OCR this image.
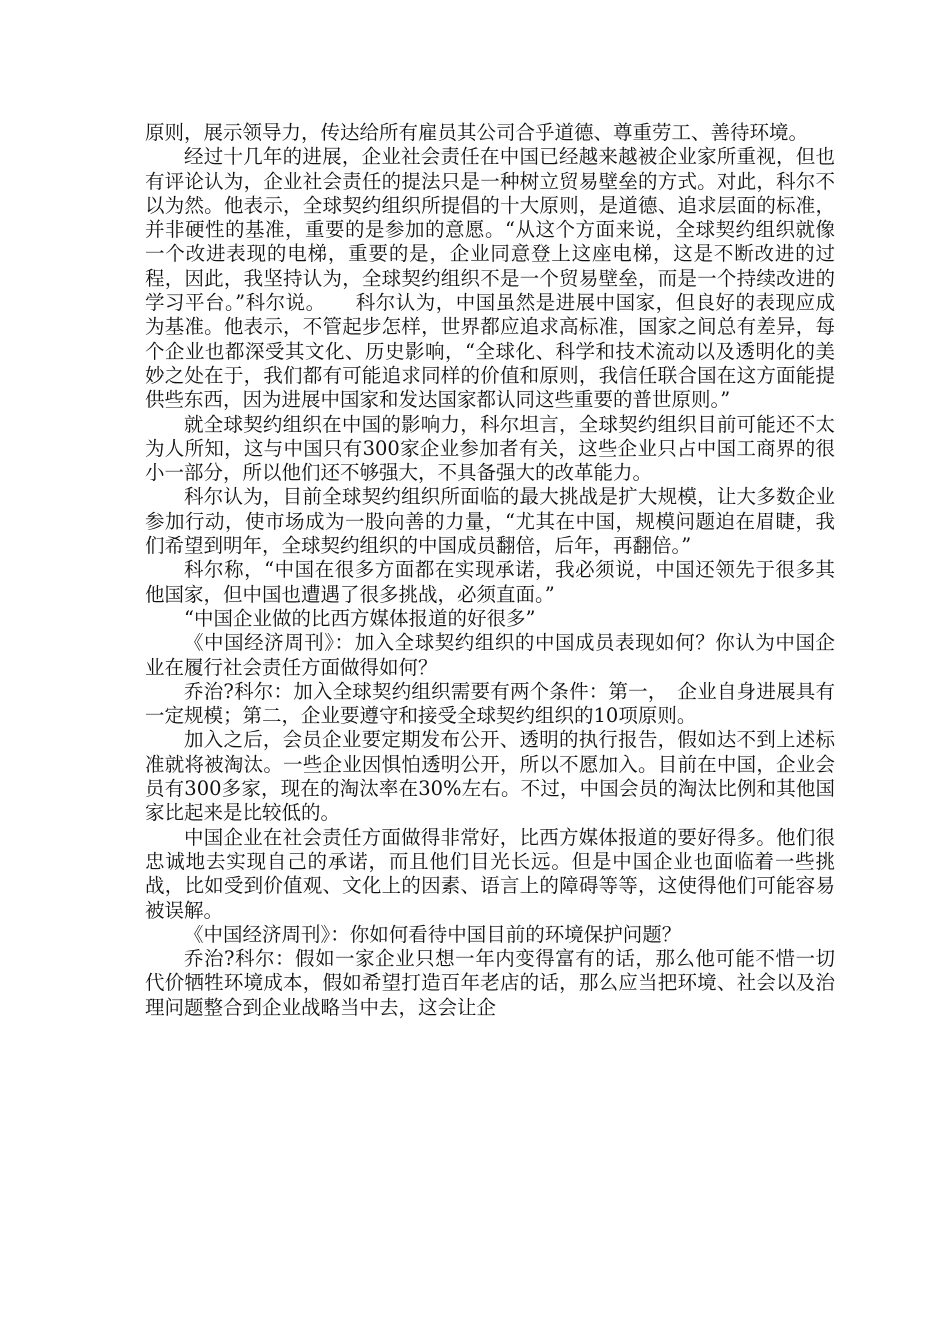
原则，展示领导力，传达给所有雇员其公司合乎道德、尊重劳工、善待环境。

经过十几年的进展，企业社会责任在中国已经越来越被企业家所重视，但也有评论认为，企业社会责任的提法只是一种树立贸易壁垒的方式。对此，科尔不以为然。他表示，全球契约组织所提倡的十大原则，是道德、追求层面的标准，并非硬性的基准，重要的是参加的意愿。“从这个方面来说，全球契约组织就像一个改进表现的电梯，重要的是，企业同意登上这座电梯，这是不断改进的过程，因此，我坚持认为，全球契约组织不是一个贸易壁垒，而是一个持续改进的学习平台。”科尔说。　　科尔认为，中国虽然是进展中国家，但良好的表现应成为基准。他表示，不管起步怎样，世界都应追求高标准，国家之间总有差异，每个企业也都深受其文化、历史影响，“全球化、科学和技术流动以及透明化的美妙之处在于，我们都有可能追求同样的价值和原则，我信任联合国在这方面能提供些东西，因为进展中国家和发达国家都认同这些重要的普世原则。”

就全球契约组织在中国的影响力，科尔坦言，全球契约组织目前可能还不太为人所知，这与中国只有300家企业参加者有关，这些企业只占中国工商界的很小一部分，所以他们还不够强大，不具备强大的改革能力。

科尔认为，目前全球契约组织所面临的最大挑战是扩大规模，让大多数企业参加行动，使市场成为一股向善的力量，“尤其在中国，规模问题迫在眉睫，我们希望到明年，全球契约组织的中国成员翻倍，后年，再翻倍。”

科尔称，“中国在很多方面都在实现承诺，我必须说，中国还领先于很多其他国家，但中国也遭遇了很多挑战，必须直面。”

“中国企业做的比西方媒体报道的好很多”

《中国经济周刊》：加入全球契约组织的中国成员表现如何？你认为中国企业在履行社会责任方面做得如何？

乔治?科尔：加入全球契约组织需要有两个条件：第一，　企业自身进展具有一定规模；第二，企业要遵守和接受全球契约组织的10项原则。

加入之后，会员企业要定期发布公开、透明的执行报告，假如达不到上述标准就将被淘汰。一些企业因惧怕透明公开，所以不愿加入。目前在中国，企业会员有300多家，现在的淘汰率在30%左右。不过，中国会员的淘汰比例和其他国家比起来是比较低的。

中国企业在社会责任方面做得非常好，比西方媒体报道的要好得多。他们很忠诚地去实现自己的承诺，而且他们目光长远。但是中国企业也面临着一些挑战，比如受到价值观、文化上的因素、语言上的障碍等等，这使得他们可能容易被误解。

《中国经济周刊》：你如何看待中国目前的环境保护问题？

乔治?科尔：假如一家企业只想一年内变得富有的话，那么他可能不惜一切代价牺牲环境成本，假如希望打造百年老店的话，那么应当把环境、社会以及治理问题整合到企业战略当中去，这会让企
